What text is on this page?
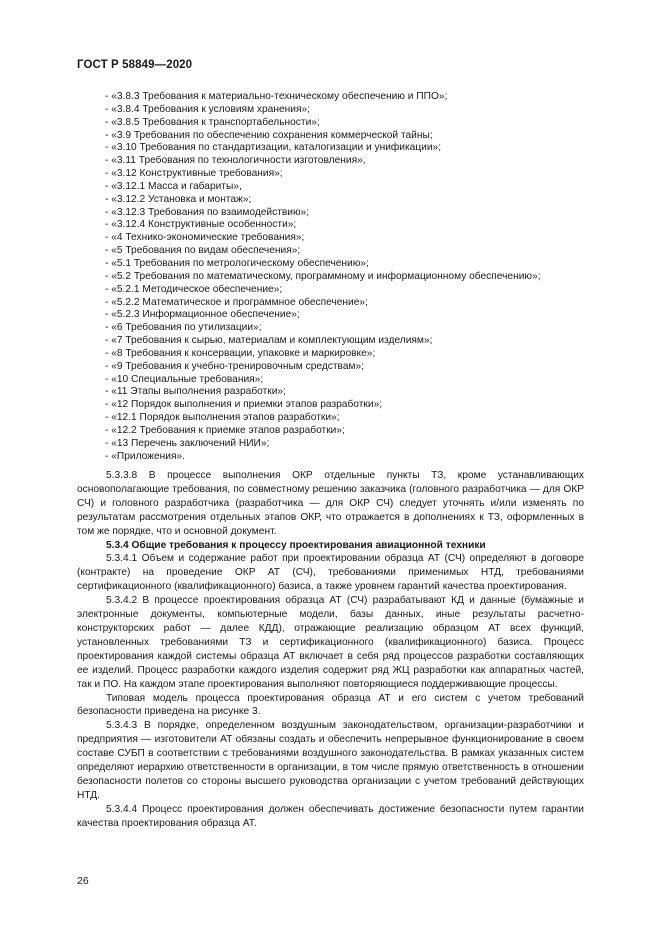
ГОСТ Р 58849—2020
- «3.8.3 Требования к материально-техническому обеспечению и ППО»;
- «3.8.4 Требования к условиям хранения»;
- «3.8.5 Требования к транспортабельности»;
- «3.9 Требования по обеспечению сохранения коммерческой тайны;
- «3.10 Требования по стандартизации, каталогизации и унификации»;
- «3.11 Требования по технологичности изготовления»,
- «3.12 Конструктивные требования»;
- «3.12.1 Масса и габариты»,
- «3.12.2 Установка и монтаж»;
- «3.12.3 Требования по взаимодействию»;
- «3.12.4 Конструктивные особенности»;
- «4 Технико-экономические требования»;
- «5 Требования по видам обеспечения»;
- «5.1 Требования по метрологическому обеспечению»;
- «5.2 Требования по математическому, программному и информационному обеспечению»;
- «5.2.1 Методическое обеспечение»;
- «5.2.2 Математическое и программное обеспечение»;
- «5.2.3 Информационное обеспечение»;
- «6 Требования по утилизации»;
- «7 Требования к сырью, материалам и комплектующим изделиям»;
- «8 Требования к консервации, упаковке и маркировке»;
- «9 Требования к учебно-тренировочным средствам»;
- «10 Специальные требования»;
- «11 Этапы выполнения разработки»;
- «12 Порядок выполнения и приемки этапов разработки»;
- «12.1 Порядок выполнения этапов разработки»;
- «12.2 Требования к приемке этапов разработки»;
- «13 Перечень заключений НИИ»;
- «Приложения».

5.3.3.8 В процессе выполнения ОКР отдельные пункты ТЗ, кроме устанавливающих основополагающие требования, по совместному решению заказчика (головного разработчика — для ОКР СЧ) и головного разработчика (разработчика — для ОКР СЧ) следует уточнять и/или изменять по результатам рассмотрения отдельных этапов ОКР, что отражается в дополнениях к ТЗ, оформленных в том же порядке, что и основной документ.

5.3.4 Общие требования к процессу проектирования авиационной техники

5.3.4.1 Объем и содержание работ при проектировании образца АТ (СЧ) определяют в договоре (контракте) на проведение ОКР АТ (СЧ), требованиями применимых НТД, требованиями сертификационного (квалификационного) базиса, а также уровнем гарантий качества проектирования.

5.3.4.2 В процессе проектирования образца АТ (СЧ) разрабатывают КД и данные (бумажные и электронные документы, компьютерные модели, базы данных, иные результаты расчетно-конструкторских работ — далее КДД), отражающие реализацию образцом АТ всех функций, установленных требованиями ТЗ и сертификационного (квалификационного) базиса. Процесс проектирования каждой системы образца АТ включает в себя ряд процессов разработки составляющих ее изделий. Процесс разработки каждого изделия содержит ряд ЖЦ разработки как аппаратных частей, так и ПО. На каждом этапе проектирования выполняют повторяющиеся поддерживающие процессы.

Типовая модель процесса проектирования образца АТ и его систем с учетом требований безопасности приведена на рисунке 3.

5.3.4.3 В порядке, определенном воздушным законодательством, организации-разработчики и предприятия — изготовители АТ обязаны создать и обеспечить непрерывное функционирование в своем составе СУБП в соответствии с требованиями воздушного законодательства. В рамках указанных систем определяют иерархию ответственности в организации, в том числе прямую ответственность в отношении безопасности полетов со стороны высшего руководства организации с учетом требований действующих НТД.

5.3.4.4 Процесс проектирования должен обеспечивать достижение безопасности путем гарантии качества проектирования образца АТ.

26
